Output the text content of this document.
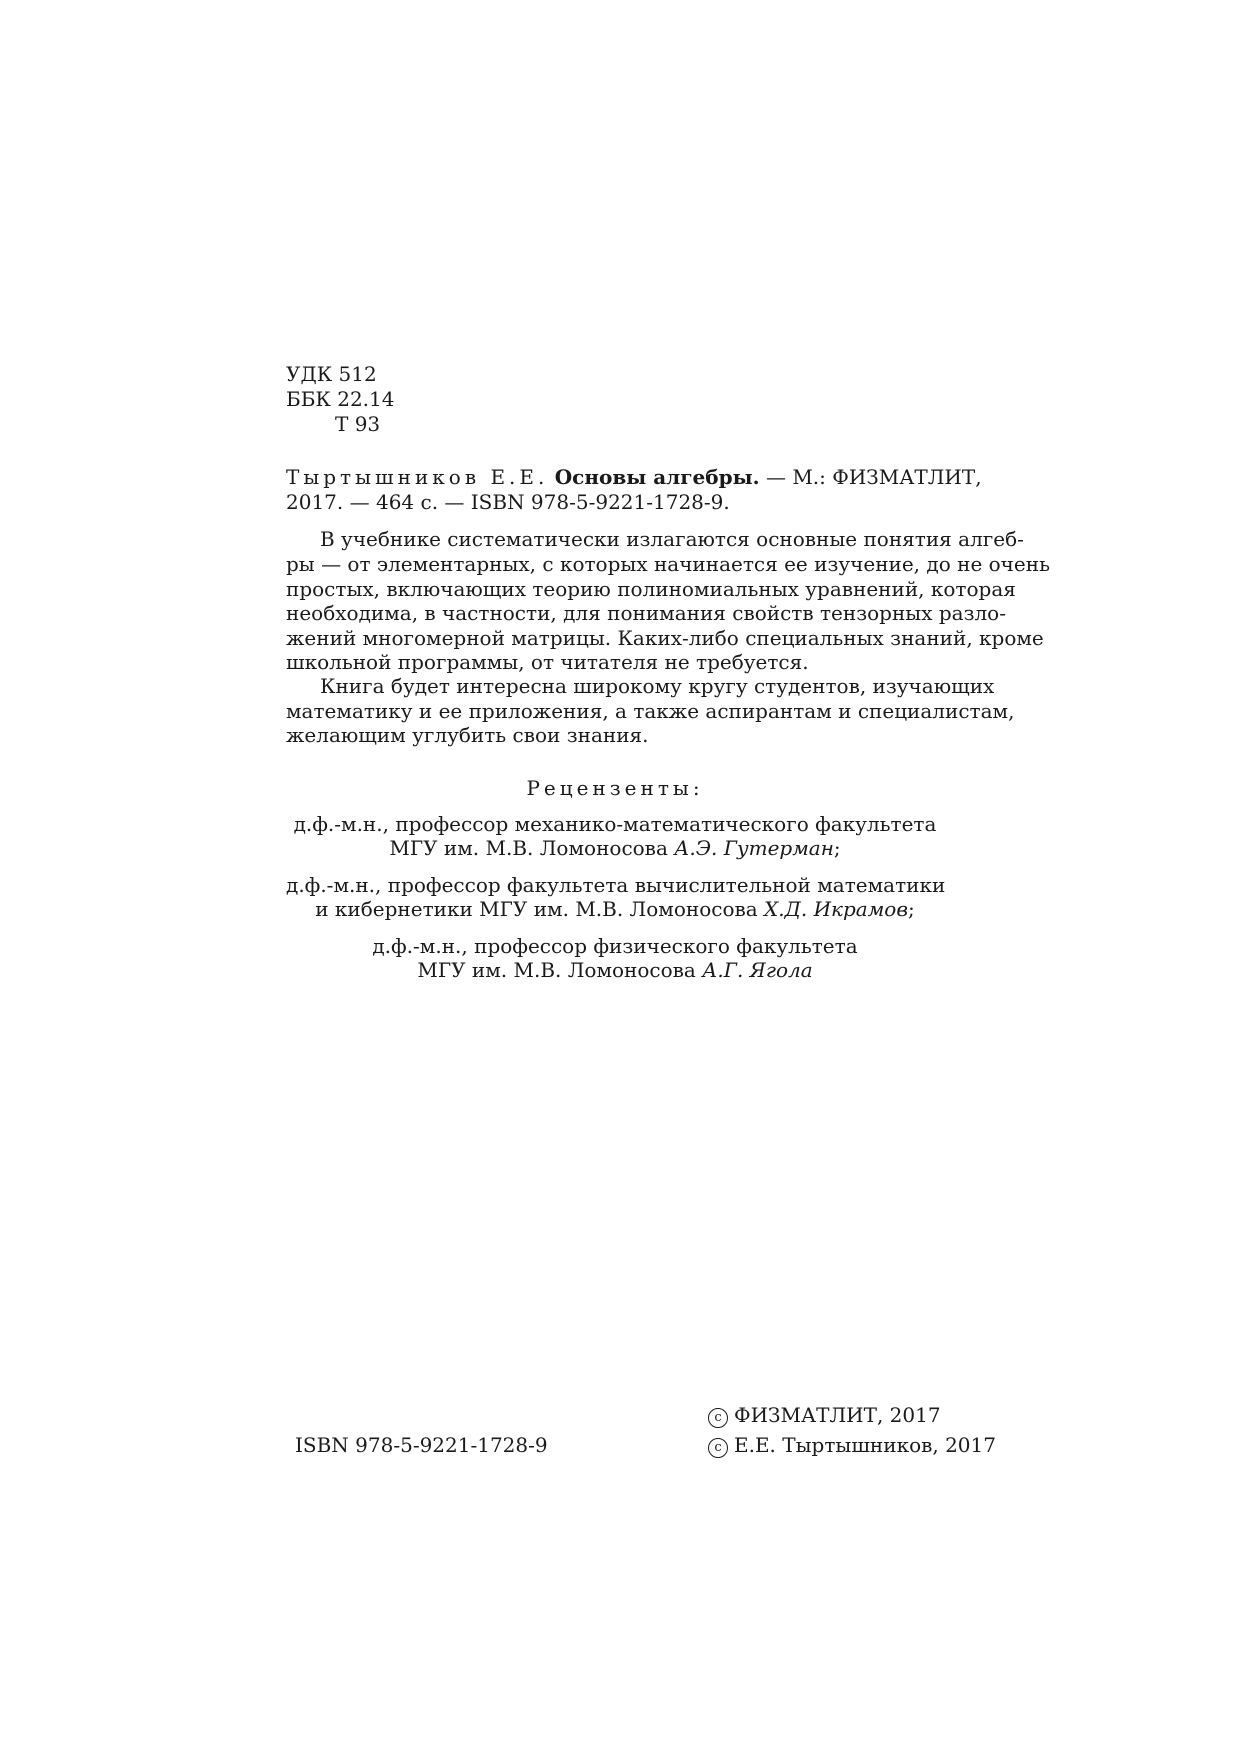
УДК 512
ББК 22.14
Т 93
Тыртышников Е.Е. Основы алгебры. — М.: ФИЗМАТЛИТ,
2017. — 464 с. — ISBN 978-5-9221-1728-9.
В учебнике систематически излагаются основные понятия алгеб-
ры — от элементарных, с которых начинается ее изучение, до не очень
простых, включающих теорию полиномиальных уравнений, которая
необходима, в частности, для понимания свойств тензорных разло-
жений многомерной матрицы. Каких-либо специальных знаний, кроме
школьной программы, от читателя не требуется.
Книга будет интересна широкому кругу студентов, изучающих
математику и ее приложения, а также аспирантам и специалистам,
желающим углубить свои знания.
Рецензенты:
д.ф.-м.н., профессор механико-математического факультета
МГУ им. М.В. Ломоносова А.Э. Гутерман;
д.ф.-м.н., профессор факультета вычислительной математики
и кибернетики МГУ им. М.В. Ломоносова Х.Д. Икрамов;
д.ф.-м.н., профессор физического факультета
МГУ им. М.В. Ломоносова А.Г. Ягола
c ФИЗМАТЛИТ, 2017
ISBN 978-5-9221-1728-9	c Е.Е. Тыртышников, 2017
